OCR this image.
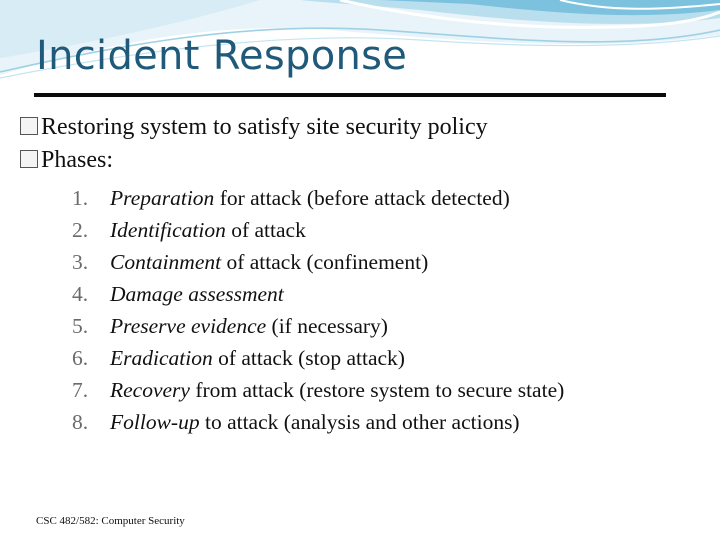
Incident Response
Restoring system to satisfy site security policy
Phases:
1.	Preparation for attack (before attack detected)
2.	Identification of attack
3.	Containment of attack (confinement)
4.	Damage assessment
5.	Preserve evidence (if necessary)
6.	Eradication of attack (stop attack)
7.	Recovery from attack (restore system to secure state)
8.	Follow-up to attack (analysis and other actions)
CSC 482/582: Computer Security
